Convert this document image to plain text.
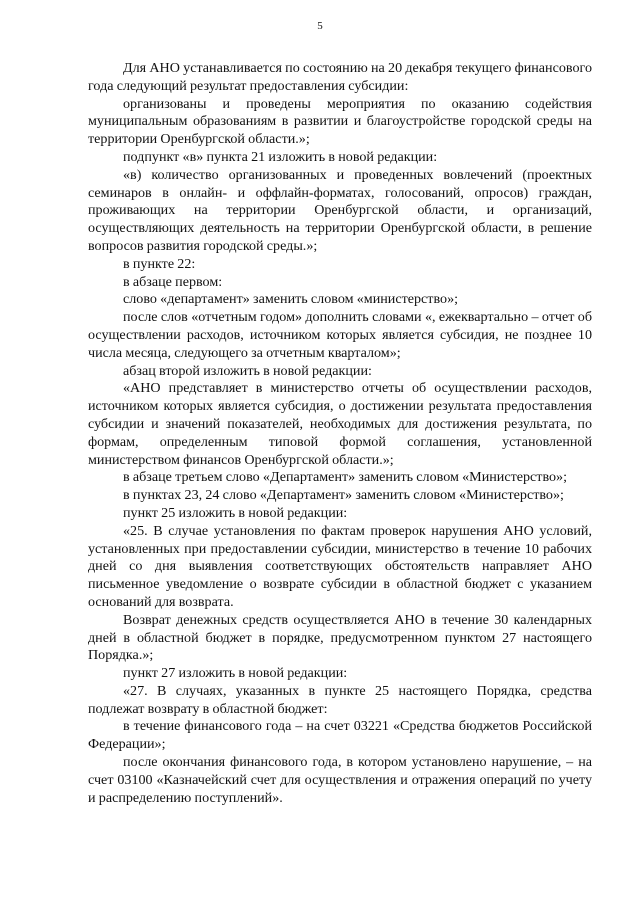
5

Для АНО устанавливается по состоянию на 20 декабря текущего финансового года следующий результат предоставления субсидии:

организованы и проведены мероприятия по оказанию содействия муниципальным образованиям в развитии и благоустройстве городской среды на территории Оренбургской области.»;

подпункт «в» пункта 21 изложить в новой редакции:

«в) количество организованных и проведенных вовлечений (проектных семинаров в онлайн- и оффлайн-форматах, голосований, опросов) граждан, проживающих на территории Оренбургской области, и организаций, осуществляющих деятельность на территории Оренбургской области, в решение вопросов развития городской среды.»;

в пункте 22:

в абзаце первом:

слово «департамент» заменить словом «министерство»;

после слов «отчетным годом» дополнить словами «, ежеквартально – отчет об осуществлении расходов, источником которых является субсидия, не позднее 10 числа месяца, следующего за отчетным кварталом»;

абзац второй изложить в новой редакции:

«АНО представляет в министерство отчеты об осуществлении расходов, источником которых является субсидия, о достижении результата предоставления субсидии и значений показателей, необходимых для достижения результата, по формам, определенным типовой формой соглашения, установленной министерством финансов Оренбургской области.»;

в абзаце третьем слово «Департамент» заменить словом «Министерство»;

в пунктах 23, 24 слово «Департамент» заменить словом «Министерство»;

пункт 25 изложить в новой редакции:

«25. В случае установления по фактам проверок нарушения АНО условий, установленных при предоставлении субсидии, министерство в течение 10 рабочих дней со дня выявления соответствующих обстоятельств направляет АНО письменное уведомление о возврате субсидии в областной бюджет с указанием оснований для возврата.

Возврат денежных средств осуществляется АНО в течение 30 календарных дней в областной бюджет в порядке, предусмотренном пунктом 27 настоящего Порядка.»;

пункт 27 изложить в новой редакции:

«27. В случаях, указанных в пункте 25 настоящего Порядка, средства подлежат возврату в областной бюджет:

в течение финансового года – на счет 03221 «Средства бюджетов Российской Федерации»;

после окончания финансового года, в котором установлено нарушение, – на счет 03100 «Казначейский счет для осуществления и отражения операций по учету и распределению поступлений».
